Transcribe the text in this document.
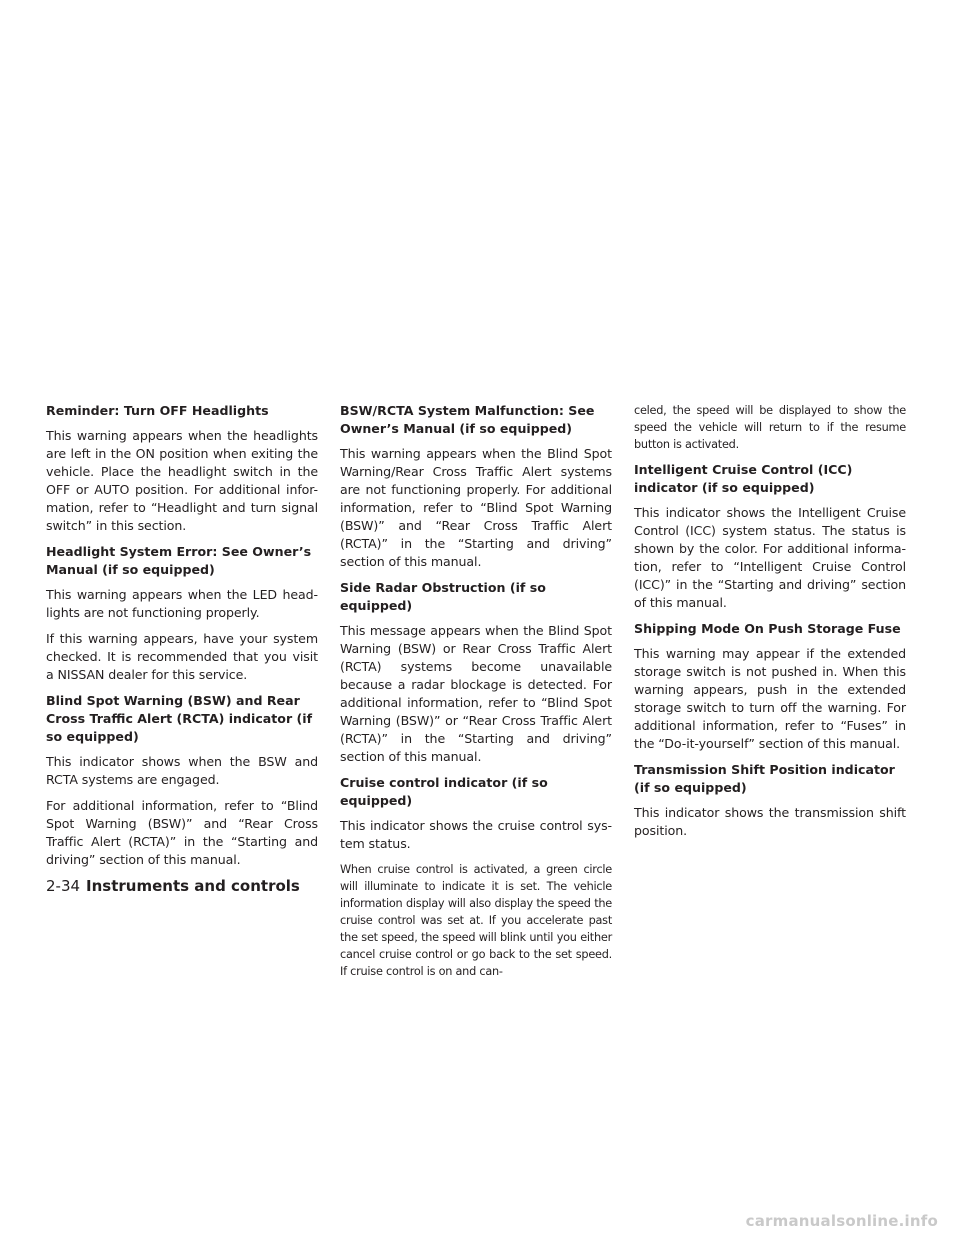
Reminder: Turn OFF Headlights
This warning appears when the headlights are left in the ON position when exiting the vehicle. Place the headlight switch in the OFF or AUTO position. For additional infor-mation, refer to “Headlight and turn signal switch” in this section.
Headlight System Error: See Owner’s Manual (if so equipped)
This warning appears when the LED head-lights are not functioning properly.
If this warning appears, have your system checked. It is recommended that you visit a NISSAN dealer for this service.
Blind Spot Warning (BSW) and Rear Cross Traffic Alert (RCTA) indicator (if so equipped)
This indicator shows when the BSW and RCTA systems are engaged.
For additional information, refer to “Blind Spot Warning (BSW)” and “Rear Cross Traffic Alert (RCTA)” in the “Starting and driving” section of this manual.
BSW/RCTA System Malfunction: See Owner’s Manual (if so equipped)
This warning appears when the Blind Spot Warning/Rear Cross Traffic Alert systems are not functioning properly. For additional information, refer to “Blind Spot Warning (BSW)” and “Rear Cross Traffic Alert (RCTA)” in the “Starting and driving” section of this manual.
Side Radar Obstruction (if so equipped)
This message appears when the Blind Spot Warning (BSW) or Rear Cross Traffic Alert (RCTA) systems become unavailable because a radar blockage is detected. For additional information, refer to “Blind Spot Warning (BSW)” or “Rear Cross Traffic Alert (RCTA)” in the “Starting and driving” section of this manual.
Cruise control indicator (if so equipped)
This indicator shows the cruise control sys-tem status.
When cruise control is activated, a green circle will illuminate to indicate it is set. The vehicle information display will also display the speed the cruise control was set at. If you accelerate past the set speed, the speed will blink until you either cancel cruise control or go back to the set speed. If cruise control is on and can-
celed, the speed will be displayed to show the speed the vehicle will return to if the resume button is activated.
Intelligent Cruise Control (ICC) indicator (if so equipped)
This indicator shows the Intelligent Cruise Control (ICC) system status. The status is shown by the color. For additional informa-tion, refer to “Intelligent Cruise Control (ICC)” in the “Starting and driving” section of this manual.
Shipping Mode On Push Storage Fuse
This warning may appear if the extended storage switch is not pushed in. When this warning appears, push in the extended storage switch to turn off the warning. For additional information, refer to “Fuses” in the “Do-it-yourself” section of this manual.
Transmission Shift Position indicator (if so equipped)
This indicator shows the transmission shift position.
2-34 Instruments and controls
carmanualsonline.info
